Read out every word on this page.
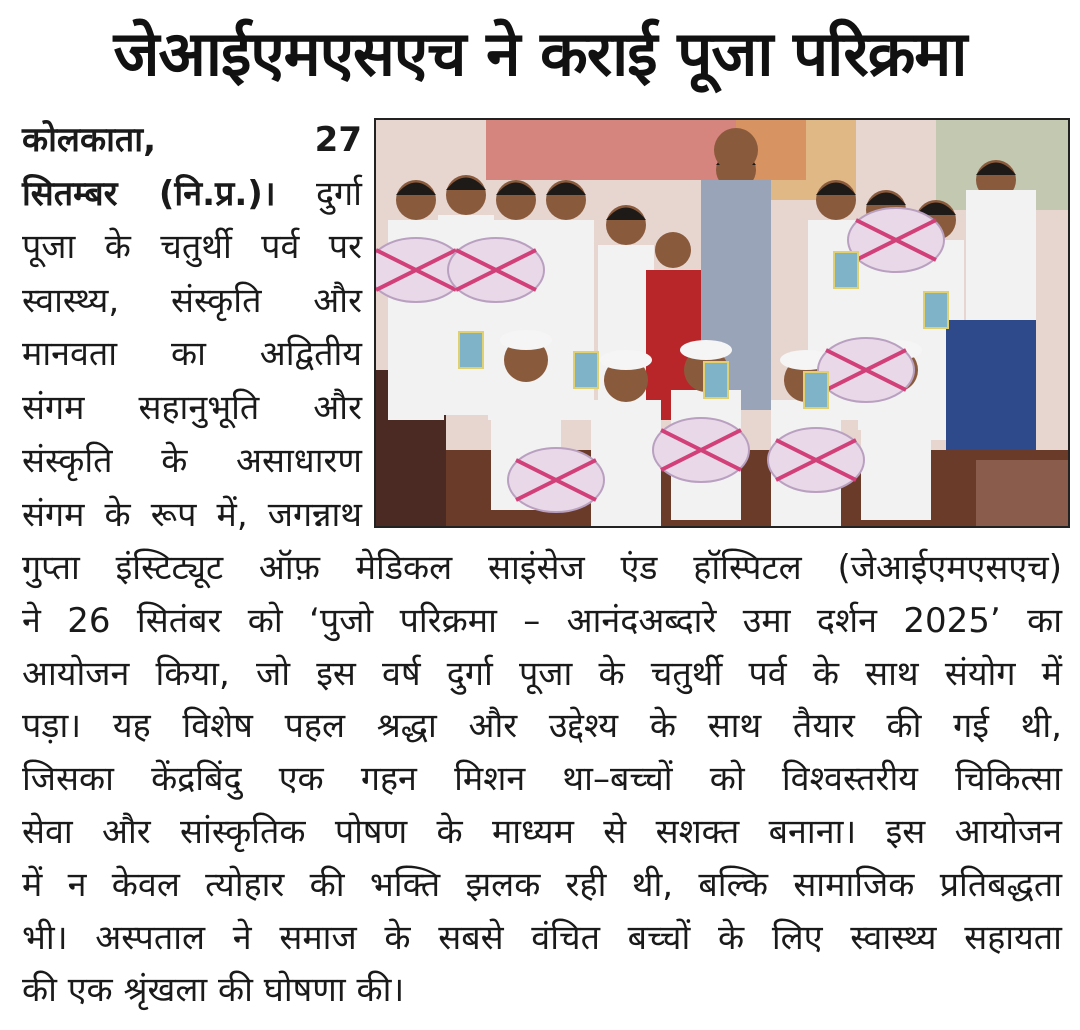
जेआईएमएसएच ने कराई पूजा परिक्रमा
कोलकाता, 27
सितम्बर (नि.प्र.)। दुर्गा
पूजा के चतुर्थी पर्व पर
स्वास्थ्य, संस्कृति और
मानवता का अद्वितीय
संगम सहानुभूति और
संस्कृति के असाधारण
संगम के रूप में, जगन्नाथ
गुप्ता इंस्टिट्यूट ऑफ़ मेडिकल साइंसेज एंड हॉस्पिटल (जेआईएमएसएच)
ने 26 सितंबर को ‘पुजो परिक्रमा – आनंदअब्दारे उमा दर्शन 2025’ का
आयोजन किया, जो इस वर्ष दुर्गा पूजा के चतुर्थी पर्व के साथ संयोग में
पड़ा। यह विशेष पहल श्रद्धा और उद्देश्य के साथ तैयार की गई थी,
जिसका केंद्रबिंदु एक गहन मिशन था–बच्चों को विश्वस्तरीय चिकित्सा
सेवा और सांस्कृतिक पोषण के माध्यम से सशक्त बनाना। इस आयोजन
में न केवल त्योहार की भक्ति झलक रही थी, बल्कि सामाजिक प्रतिबद्धता
भी। अस्पताल ने समाज के सबसे वंचित बच्चों के लिए स्वास्थ्य सहायता
की एक श्रृंखला की घोषणा की।
